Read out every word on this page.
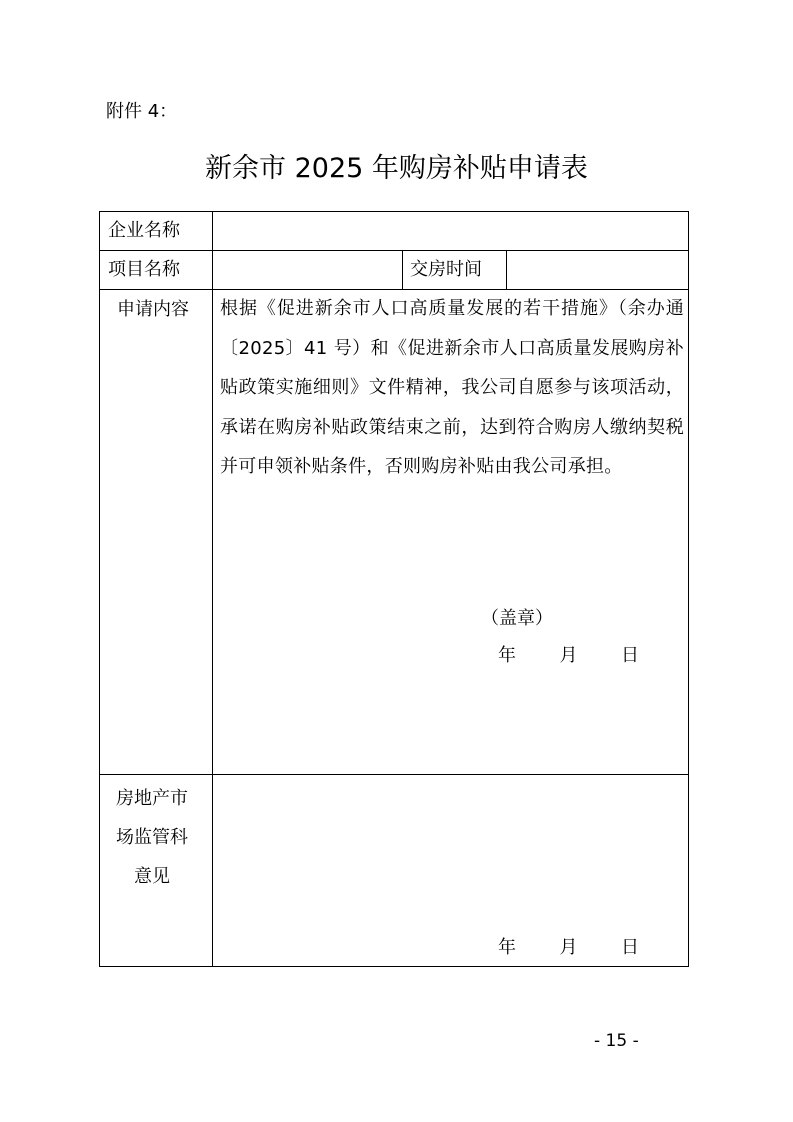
附件 4：
新余市 2025 年购房补贴申请表
企业名称
项目名称	交房时间
申请内容 根据《促进新余市人口高质量发展的若干措施》（余办通〔2025〕41 号）和《促进新余市人口高质量发展购房补贴政策实施细则》文件精神，我公司自愿参与该项活动，承诺在购房补贴政策结束之前，达到符合购房人缴纳契税并可申领补贴条件，否则购房补贴由我公司承担。
（盖章）
年 月 日
房地产市
场监管科
意见
年 月 日
- 15 -
